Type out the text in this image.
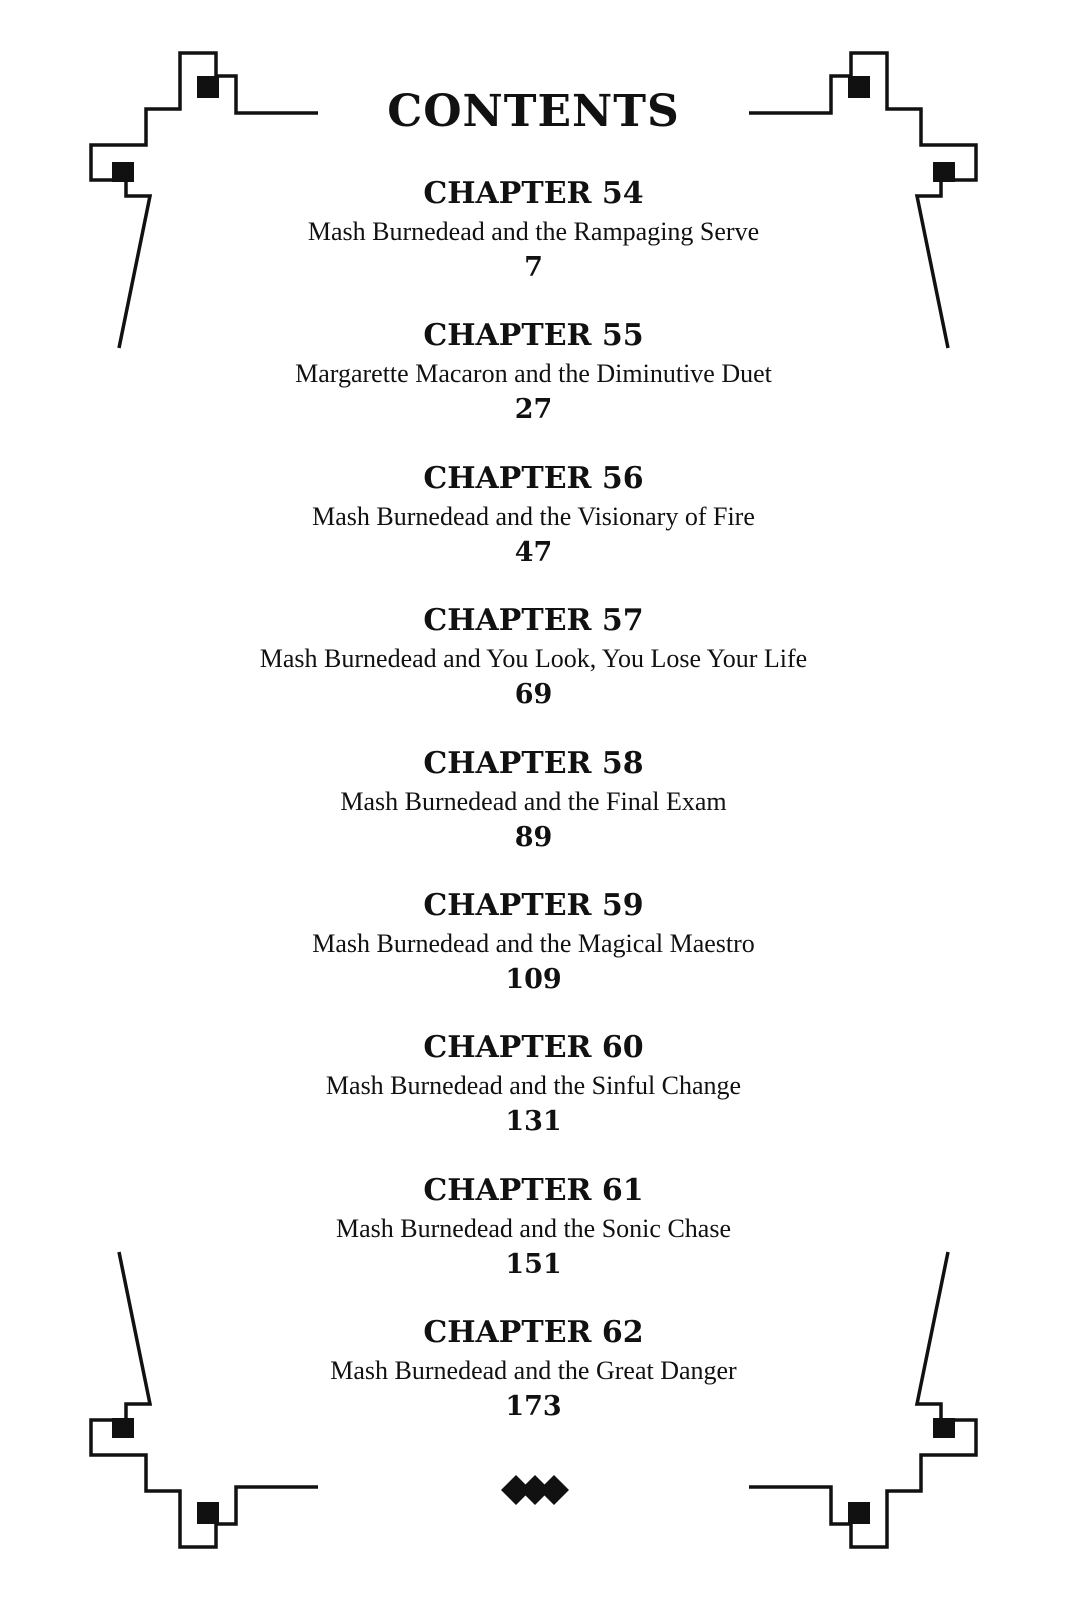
CONTENTS
CHAPTER 54
Mash Burnedead and the Rampaging Serve
7
CHAPTER 55
Margarette Macaron and the Diminutive Duet
27
CHAPTER 56
Mash Burnedead and the Visionary of Fire
47
CHAPTER 57
Mash Burnedead and You Look, You Lose Your Life
69
CHAPTER 58
Mash Burnedead and the Final Exam
89
CHAPTER 59
Mash Burnedead and the Magical Maestro
109
CHAPTER 60
Mash Burnedead and the Sinful Change
131
CHAPTER 61
Mash Burnedead and the Sonic Chase
151
CHAPTER 62
Mash Burnedead and the Great Danger
173
